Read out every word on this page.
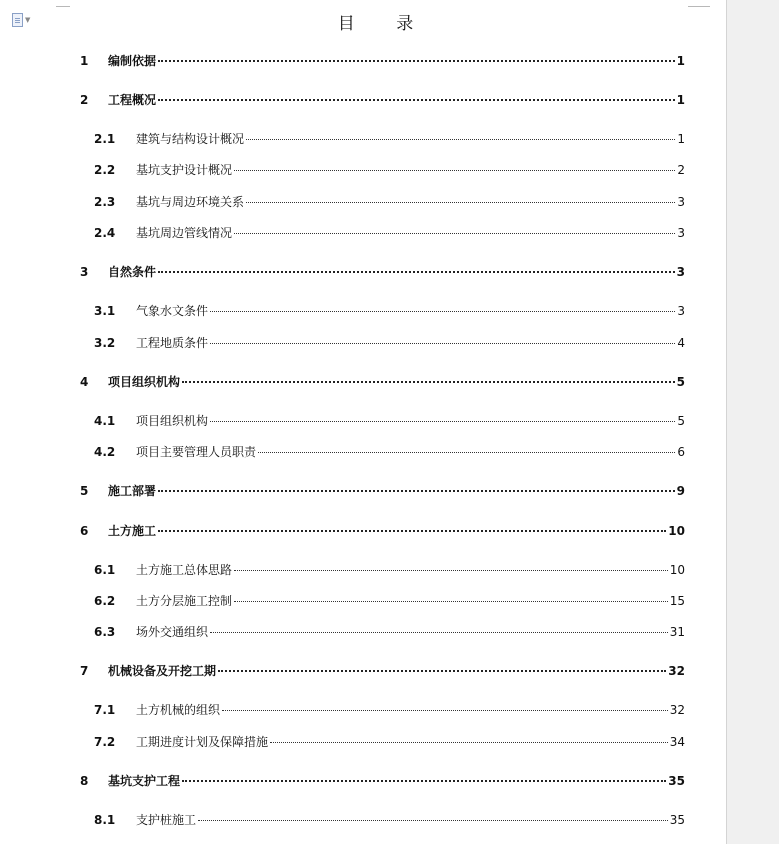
▼	目 录
1	编制依据	1
2	工程概况	1
2.1	建筑与结构设计概况	1
2.2	基坑支护设计概况	2
2.3	基坑与周边环境关系	3
2.4	基坑周边管线情况	3
3	自然条件	3
3.1	气象水文条件	3
3.2	工程地质条件	4
4	项目组织机构	5
4.1	项目组织机构	5
4.2	项目主要管理人员职责	6
5	施工部署	9
6	土方施工	10
6.1	土方施工总体思路	10
6.2	土方分层施工控制	15
6.3	场外交通组织	31
7	机械设备及开挖工期	32
7.1	土方机械的组织	32
7.2	工期进度计划及保障措施	34
8	基坑支护工程	35
8.1	支护桩施工	35
